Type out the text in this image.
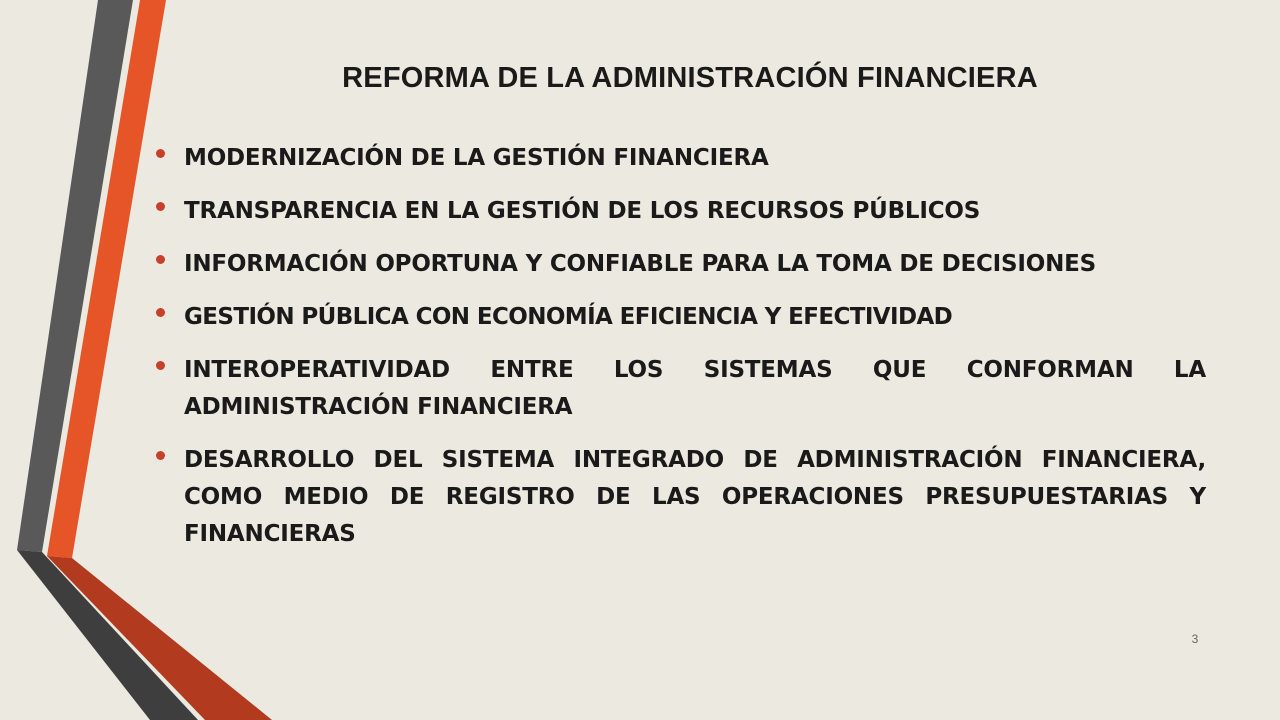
REFORMA DE LA ADMINISTRACIÓN FINANCIERA
MODERNIZACIÓN DE LA GESTIÓN FINANCIERA
TRANSPARENCIA EN LA GESTIÓN DE LOS RECURSOS PÚBLICOS
INFORMACIÓN OPORTUNA Y CONFIABLE PARA LA TOMA DE DECISIONES
GESTIÓN PÚBLICA CON ECONOMÍA EFICIENCIA Y EFECTIVIDAD
INTEROPERATIVIDAD ENTRE LOS SISTEMAS QUE CONFORMAN LA ADMINISTRACIÓN FINANCIERA
DESARROLLO DEL SISTEMA INTEGRADO DE ADMINISTRACIÓN FINANCIERA, COMO MEDIO DE REGISTRO DE LAS OPERACIONES PRESUPUESTARIAS Y FINANCIERAS
3
